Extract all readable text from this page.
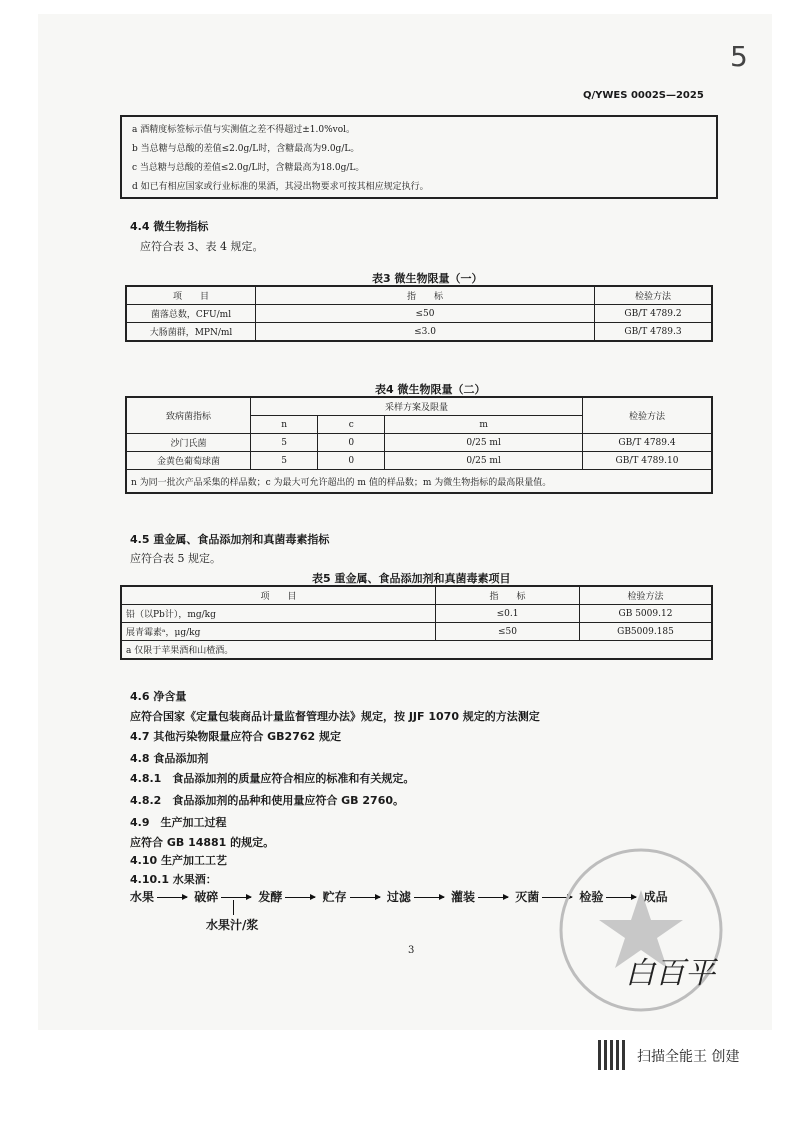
5
Q/YWES 0002S—2025
a 酒精度标签标示值与实测值之差不得超过±1.0%vol。
b 当总糖与总酸的差值≤2.0g/L时，含糖最高为9.0g/L。
c 当总糖与总酸的差值≤2.0g/L时，含糖最高为18.0g/L。
d 如已有相应国家或行业标准的果酒，其浸出物要求可按其相应规定执行。
4.4 微生物指标
应符合表 3、表 4 规定。
表3 微生物限量（一）
项　　目	指　　标	检验方法
菌落总数，CFU/ml	≤50	GB/T 4789.2
大肠菌群，MPN/ml	≤3.0	GB/T 4789.3
表4 微生物限量（二）
致病菌指标	采样方案及限量			检验方法
	n	c	m	
沙门氏菌	5	0	0/25 ml	GB/T 4789.4
金黄色葡萄球菌	5	0	0/25 ml	GB/T 4789.10
n 为同一批次产品采集的样品数；c 为最大可允许超出的 m 值的样品数；m 为微生物指标的最高限量值。				
4.5 重金属、食品添加剂和真菌毒素指标
应符合表 5 规定。
表5 重金属、食品添加剂和真菌毒素项目
项　　目	指　　标	检验方法
铅（以Pb计），mg/kg	≤0.1	GB 5009.12
展青霉素ᵃ，μg/kg	≤50	GB5009.185
a 仅限于苹果酒和山楂酒。		
4.6 净含量
应符合国家《定量包装商品计量监督管理办法》规定，按 JJF 1070 规定的方法测定
4.7 其他污染物限量应符合 GB2762 规定
4.8 食品添加剂
4.8.1　食品添加剂的质量应符合相应的标准和有关规定。
4.8.2　食品添加剂的品种和使用量应符合 GB 2760。
4.9　生产加工过程
应符合 GB 14881 的规定。
4.10 生产加工工艺
4.10.1 水果酒：
水果	破碎	发酵	贮存	过滤	灌装	灭菌	检验	成品
水果汁/浆
3
白百平
扫描全能王 创建
